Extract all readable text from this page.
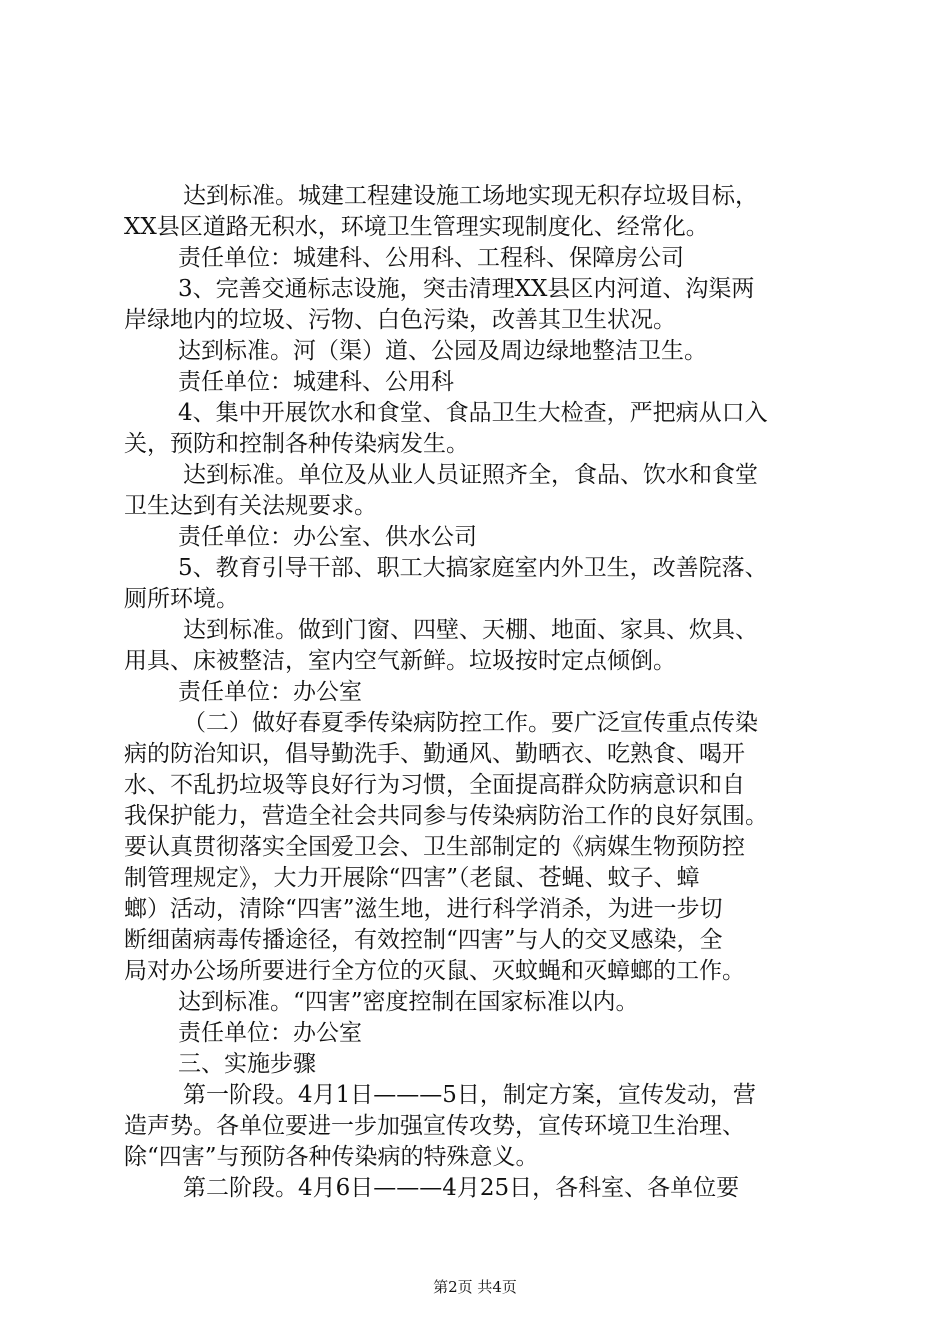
达到标准。城建工程建设施工场地实现无积存垃圾目标，
XX县区道路无积水，环境卫生管理实现制度化、经常化。
责任单位：城建科、公用科、工程科、保障房公司
3、完善交通标志设施，突击清理XX县区内河道、沟渠两
岸绿地内的垃圾、污物、白色污染，改善其卫生状况。
达到标准。河（渠）道、公园及周边绿地整洁卫生。
责任单位：城建科、公用科
4、集中开展饮水和食堂、食品卫生大检查，严把病从口入
关，预防和控制各种传染病发生。
达到标准。单位及从业人员证照齐全，食品、饮水和食堂
卫生达到有关法规要求。
责任单位：办公室、供水公司
5、教育引导干部、职工大搞家庭室内外卫生，改善院落、
厕所环境。
达到标准。做到门窗、四壁、天棚、地面、家具、炊具、
用具、床被整洁，室内空气新鲜。垃圾按时定点倾倒。
责任单位：办公室
（二）做好春夏季传染病防控工作。要广泛宣传重点传染
病的防治知识，倡导勤洗手、勤通风、勤晒衣、吃熟食、喝开
水、不乱扔垃圾等良好行为习惯，全面提高群众防病意识和自
我保护能力，营造全社会共同参与传染病防治工作的良好氛围。
要认真贯彻落实全国爱卫会、卫生部制定的《病媒生物预防控
制管理规定》，大力开展除“四害”（老鼠、苍蝇、蚊子、蟑
螂）活动，清除“四害”滋生地，进行科学消杀，为进一步切
断细菌病毒传播途径，有效控制“四害”与人的交叉感染，全
局对办公场所要进行全方位的灭鼠、灭蚊蝇和灭蟑螂的工作。
达到标准。“四害”密度控制在国家标准以内。
责任单位：办公室
三、实施步骤
第一阶段。4月1日———5日，制定方案，宣传发动，营
造声势。各单位要进一步加强宣传攻势，宣传环境卫生治理、
除“四害”与预防各种传染病的特殊意义。
第二阶段。4月6日———4月25日，各科室、各单位要
第2页 共4页
